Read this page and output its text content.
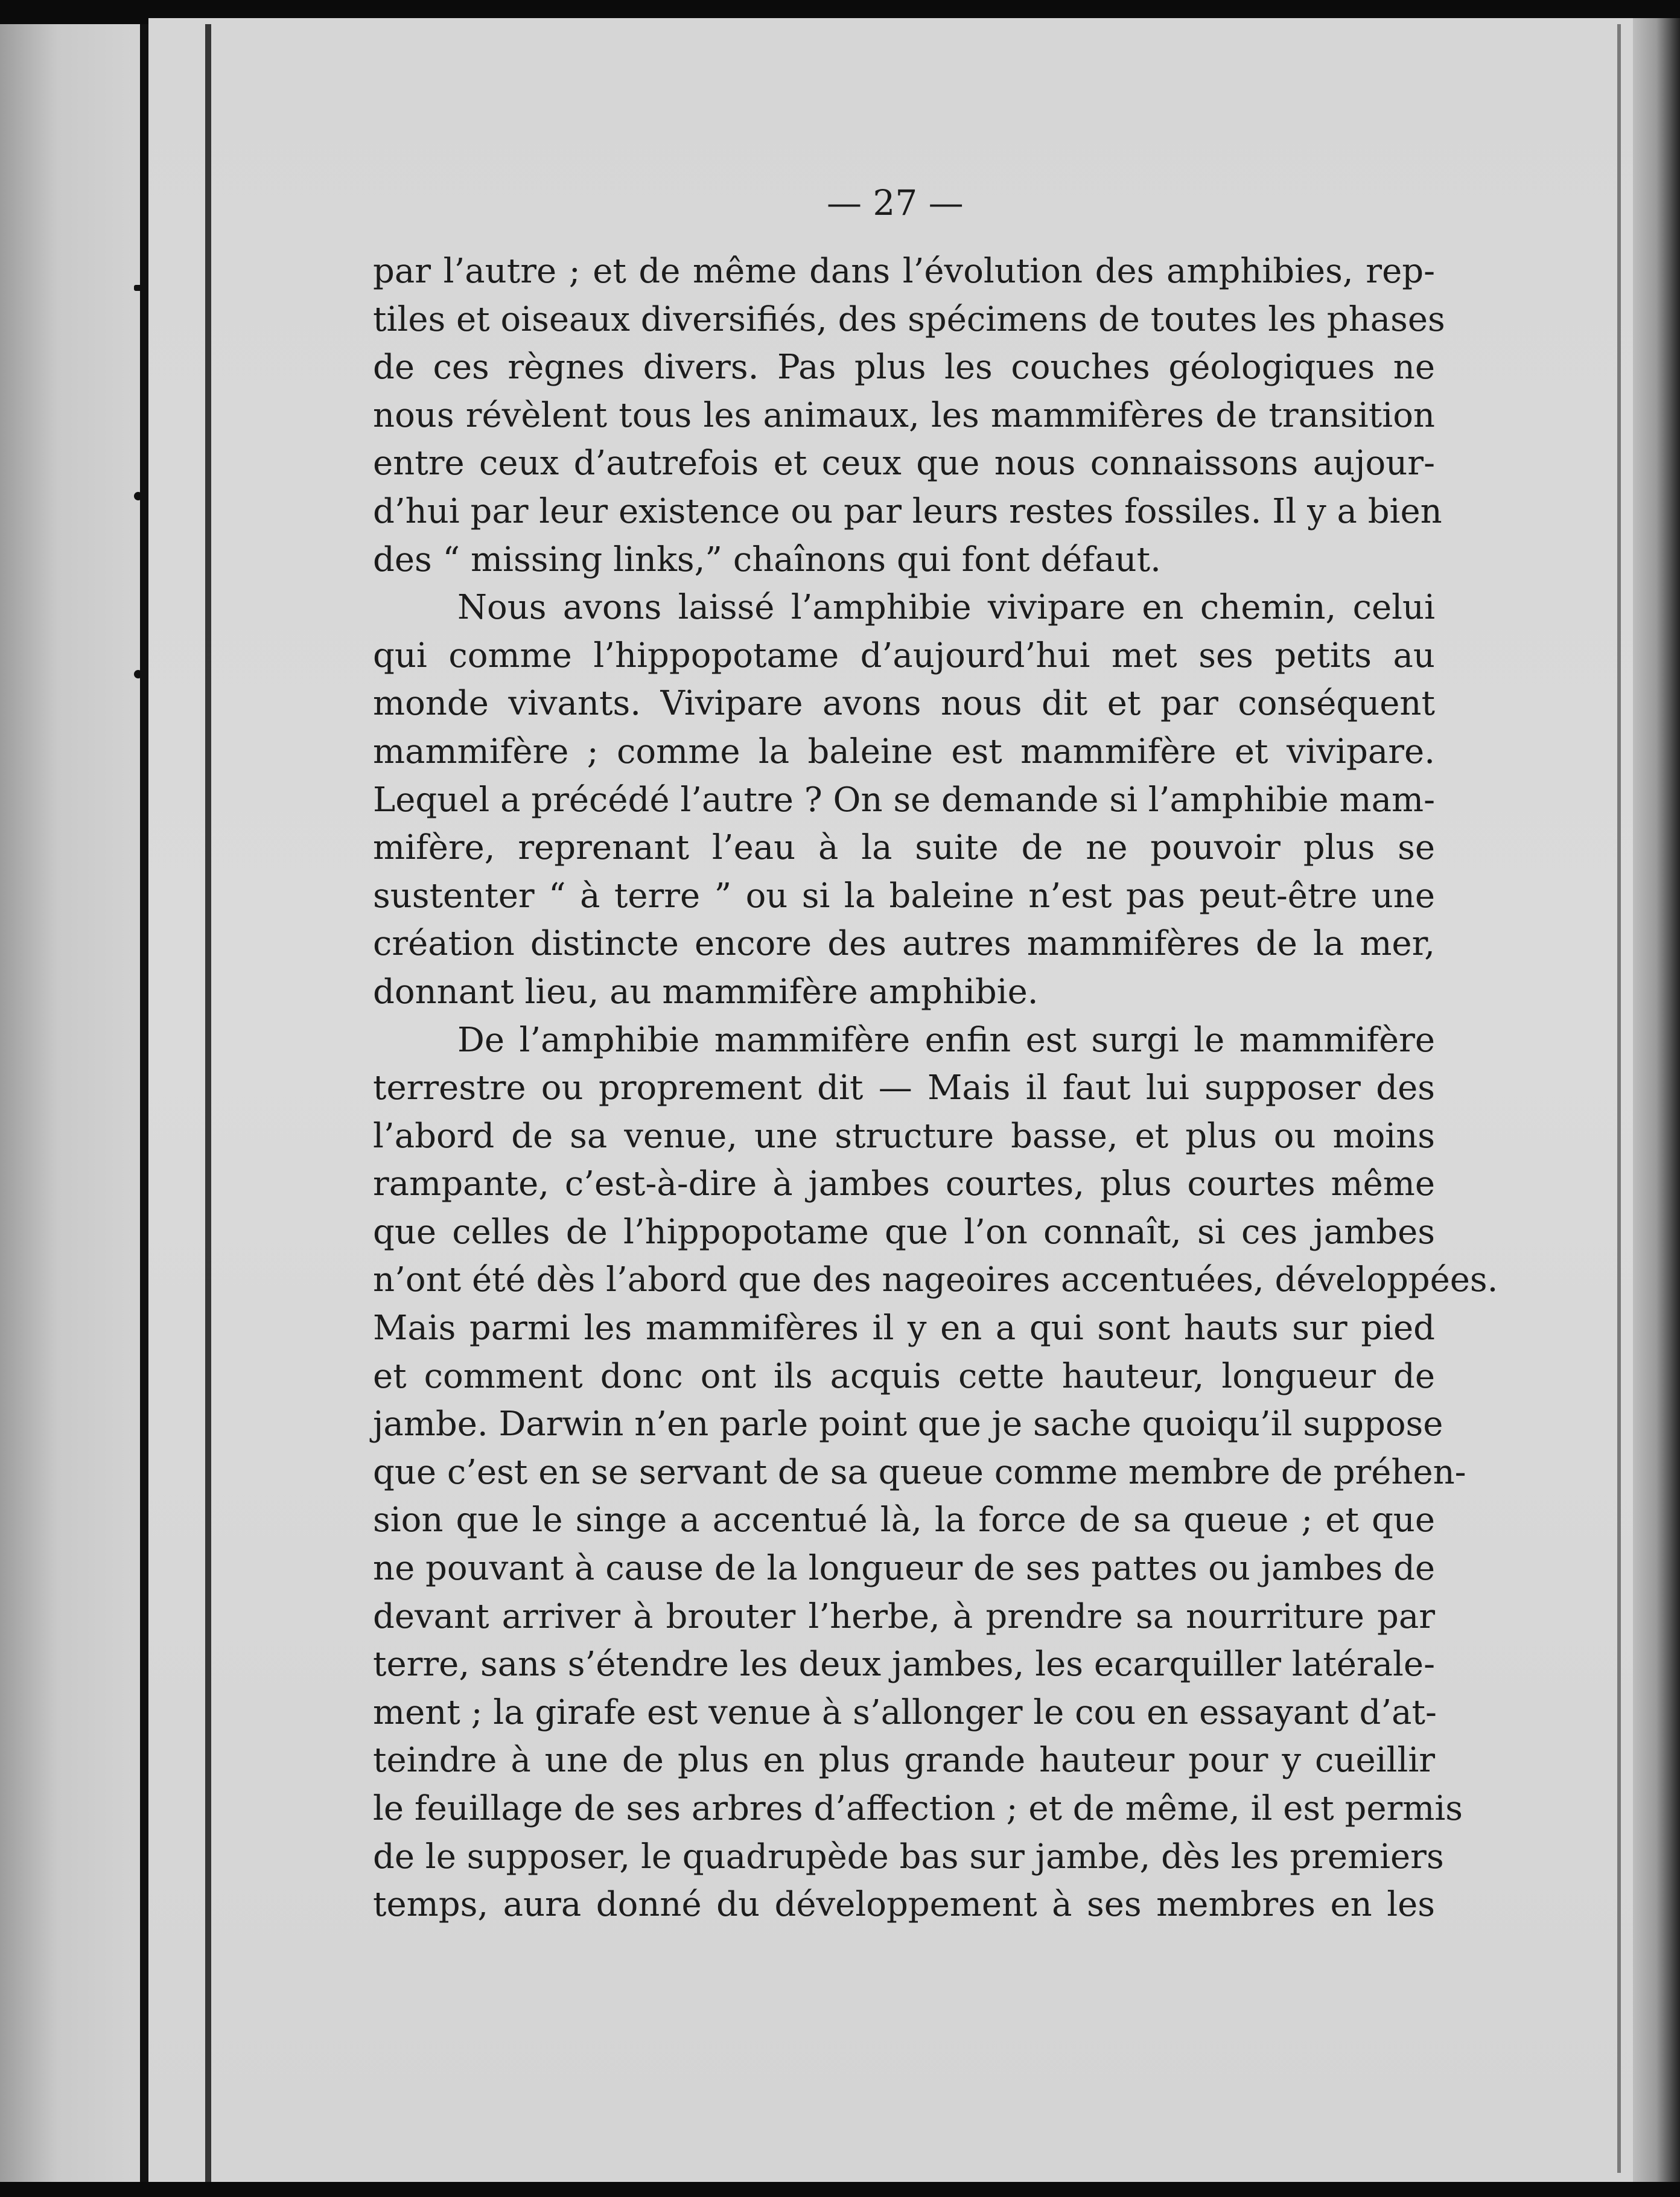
— 27 —
par l’autre ; et de même dans l’évolution des amphibies, rep-
tiles et oiseaux diversifiés, des spécimens de toutes les phases
de ces règnes divers. Pas plus les couches géologiques ne
nous révèlent tous les animaux, les mammifères de transition
entre ceux d’autrefois et ceux que nous connaissons aujour-
d’hui par leur existence ou par leurs restes fossiles. Il y a bien
des “ missing links,” chaînons qui font défaut.
Nous avons laissé l’amphibie vivipare en chemin, celui
qui comme l’hippopotame d’aujourd’hui met ses petits au
monde vivants. Vivipare avons nous dit et par conséquent
mammifère ; comme la baleine est mammifère et vivipare.
Lequel a précédé l’autre ? On se demande si l’amphibie mam-
mifère, reprenant l’eau à la suite de ne pouvoir plus se
sustenter “ à terre ” ou si la baleine n’est pas peut-être une
création distincte encore des autres mammifères de la mer,
donnant lieu, au mammifère amphibie.
De l’amphibie mammifère enfin est surgi le mammifère
terrestre ou proprement dit — Mais il faut lui supposer des
l’abord de sa venue, une structure basse, et plus ou moins
rampante, c’est-à-dire à jambes courtes, plus courtes même
que celles de l’hippopotame que l’on connaît, si ces jambes
n’ont été dès l’abord que des nageoires accentuées, développées.
Mais parmi les mammifères il y en a qui sont hauts sur pied
et comment donc ont ils acquis cette hauteur, longueur de
jambe. Darwin n’en parle point que je sache quoiqu’il suppose
que c’est en se servant de sa queue comme membre de préhen-
sion que le singe a accentué là, la force de sa queue ; et que
ne pouvant à cause de la longueur de ses pattes ou jambes de
devant arriver à brouter l’herbe, à prendre sa nourriture par
terre, sans s’étendre les deux jambes, les ecarquiller latérale-
ment ; la girafe est venue à s’allonger le cou en essayant d’at-
teindre à une de plus en plus grande hauteur pour y cueillir
le feuillage de ses arbres d’affection ; et de même, il est permis
de le supposer, le quadrupède bas sur jambe, dès les premiers
temps, aura donné du développement à ses membres en les
